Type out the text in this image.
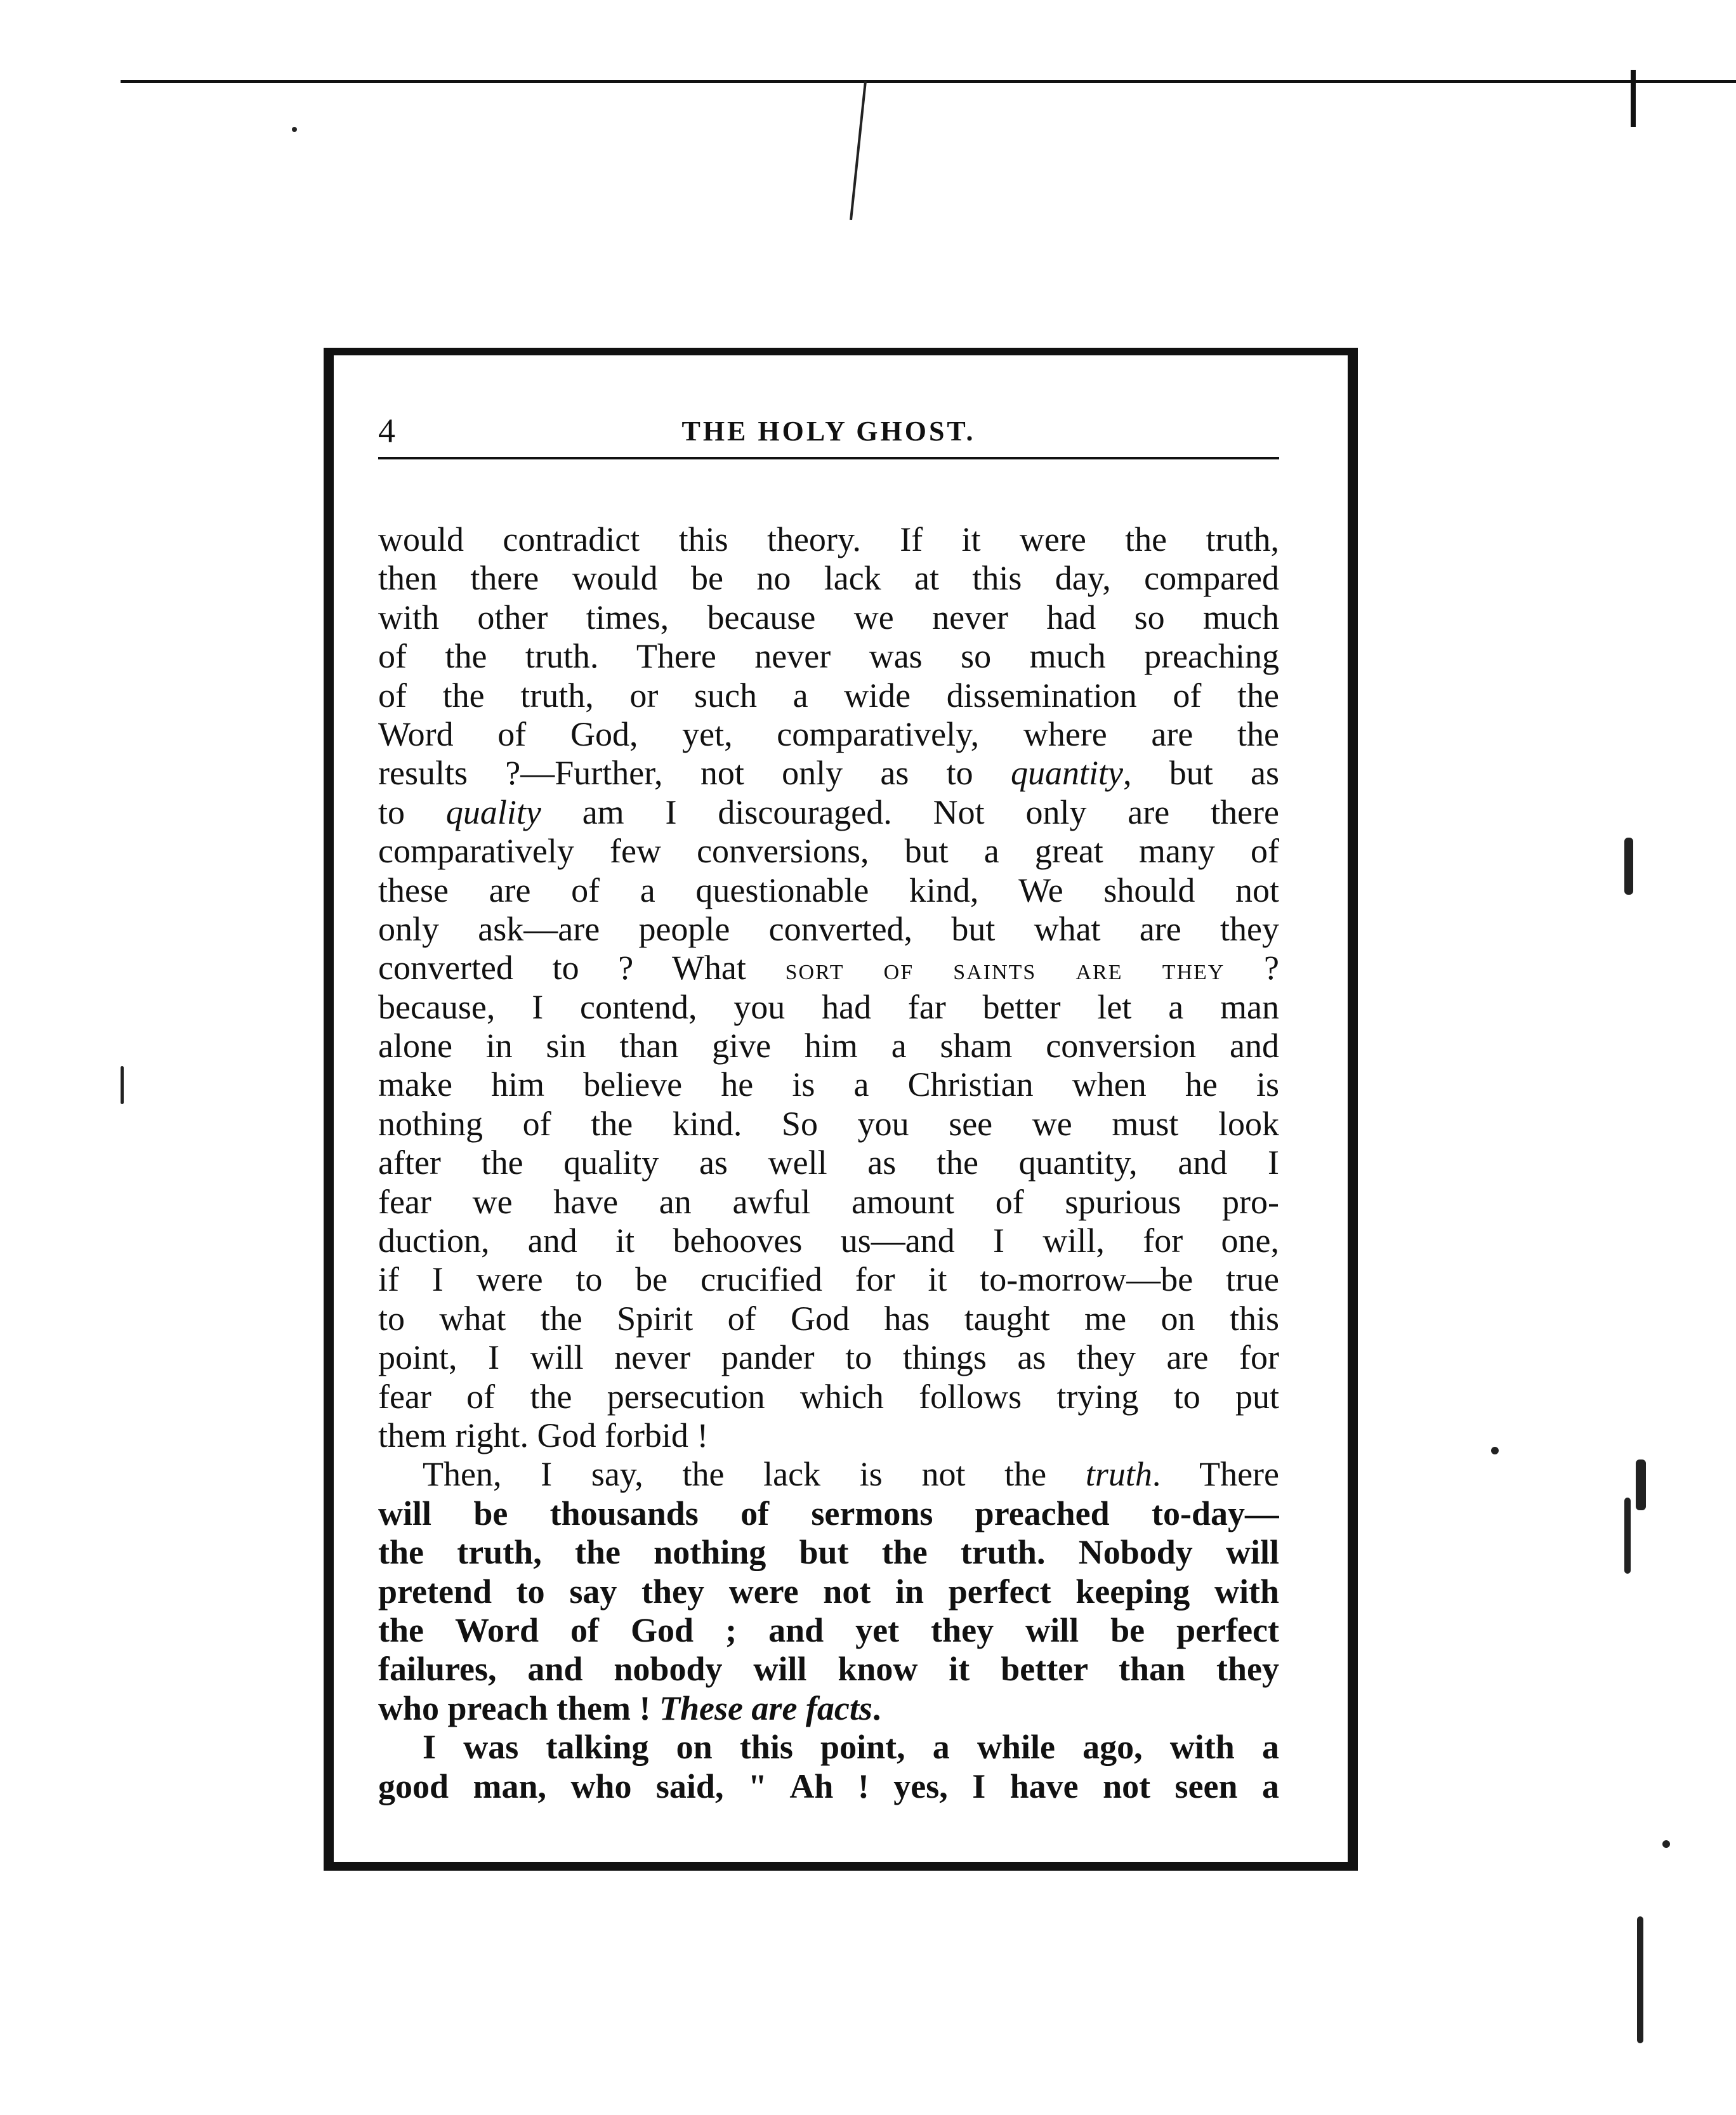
4	THE HOLY GHOST.
would contradict this theory. If it were the truth,
then there would be no lack at this day, compared
with other times, because we never had so much
of the truth. There never was so much preaching
of the truth, or such a wide dissemination of the
Word of God, yet, comparatively, where are the
results ?—Further, not only as to quantity, but as
to quality am I discouraged. Not only are there
comparatively few conversions, but a great many of
these are of a questionable kind, We should not
only ask—are people converted, but what are they
converted to ? What sort of saints are they ?
because, I contend, you had far better let a man
alone in sin than give him a sham conversion and
make him believe he is a Christian when he is
nothing of the kind. So you see we must look
after the quality as well as the quantity, and I
fear we have an awful amount of spurious pro-
duction, and it behooves us—and I will, for one,
if I were to be crucified for it to-morrow—be true
to what the Spirit of God has taught me on this
point, I will never pander to things as they are for
fear of the persecution which follows trying to put
them right. God forbid !
Then, I say, the lack is not the truth. There
will be thousands of sermons preached to-day—
the truth, the nothing but the truth. Nobody will
pretend to say they were not in perfect keeping with
the Word of God ; and yet they will be perfect
failures, and nobody will know it better than they
who preach them ! These are facts.
I was talking on this point, a while ago, with a
good man, who said, " Ah ! yes, I have not seen a
